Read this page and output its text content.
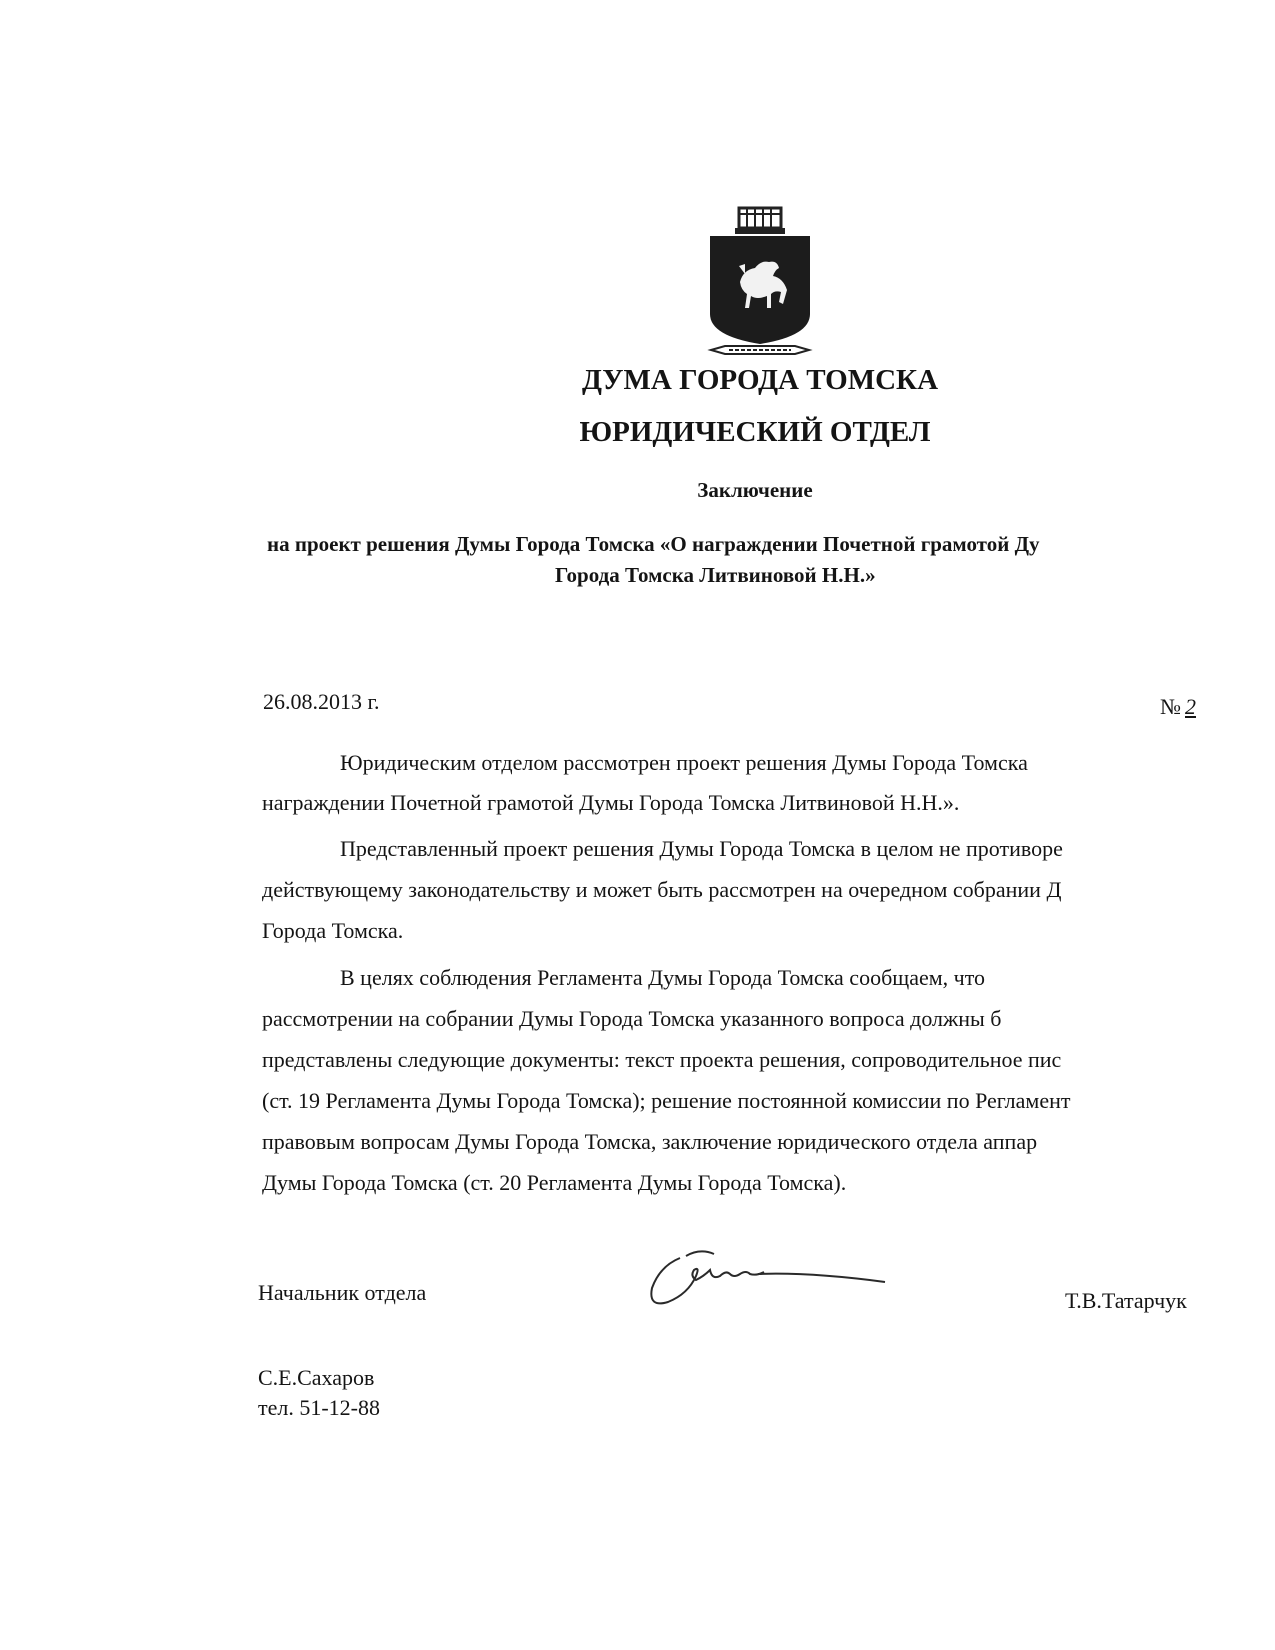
ДУМА ГОРОДА ТОМСКА
ЮРИДИЧЕСКИЙ ОТДЕЛ
Заключение
на проект решения Думы Города Томска «О награждении Почетной грамотой Ду
Города Томска Литвиновой Н.Н.»
26.08.2013 г.	№ 2
Юридическим отделом рассмотрен проект решения Думы Города Томска
награждении Почетной грамотой Думы Города Томска Литвиновой Н.Н.».
Представленный проект решения Думы Города Томска в целом не противоре
действующему законодательству и может быть рассмотрен на очередном собрании Д
Города Томска.
В целях соблюдения Регламента Думы Города Томска сообщаем, что
рассмотрении на собрании Думы Города Томска указанного вопроса должны б
представлены следующие документы: текст проекта решения, сопроводительное пис
(ст. 19 Регламента Думы Города Томска); решение постоянной комиссии по Регламент
правовым вопросам Думы Города Томска, заключение юридического отдела аппар
Думы Города Томска (ст. 20 Регламента Думы Города Томска).
Начальник отдела	Т.В.Татарчук
С.Е.Сахаров
тел. 51-12-88
